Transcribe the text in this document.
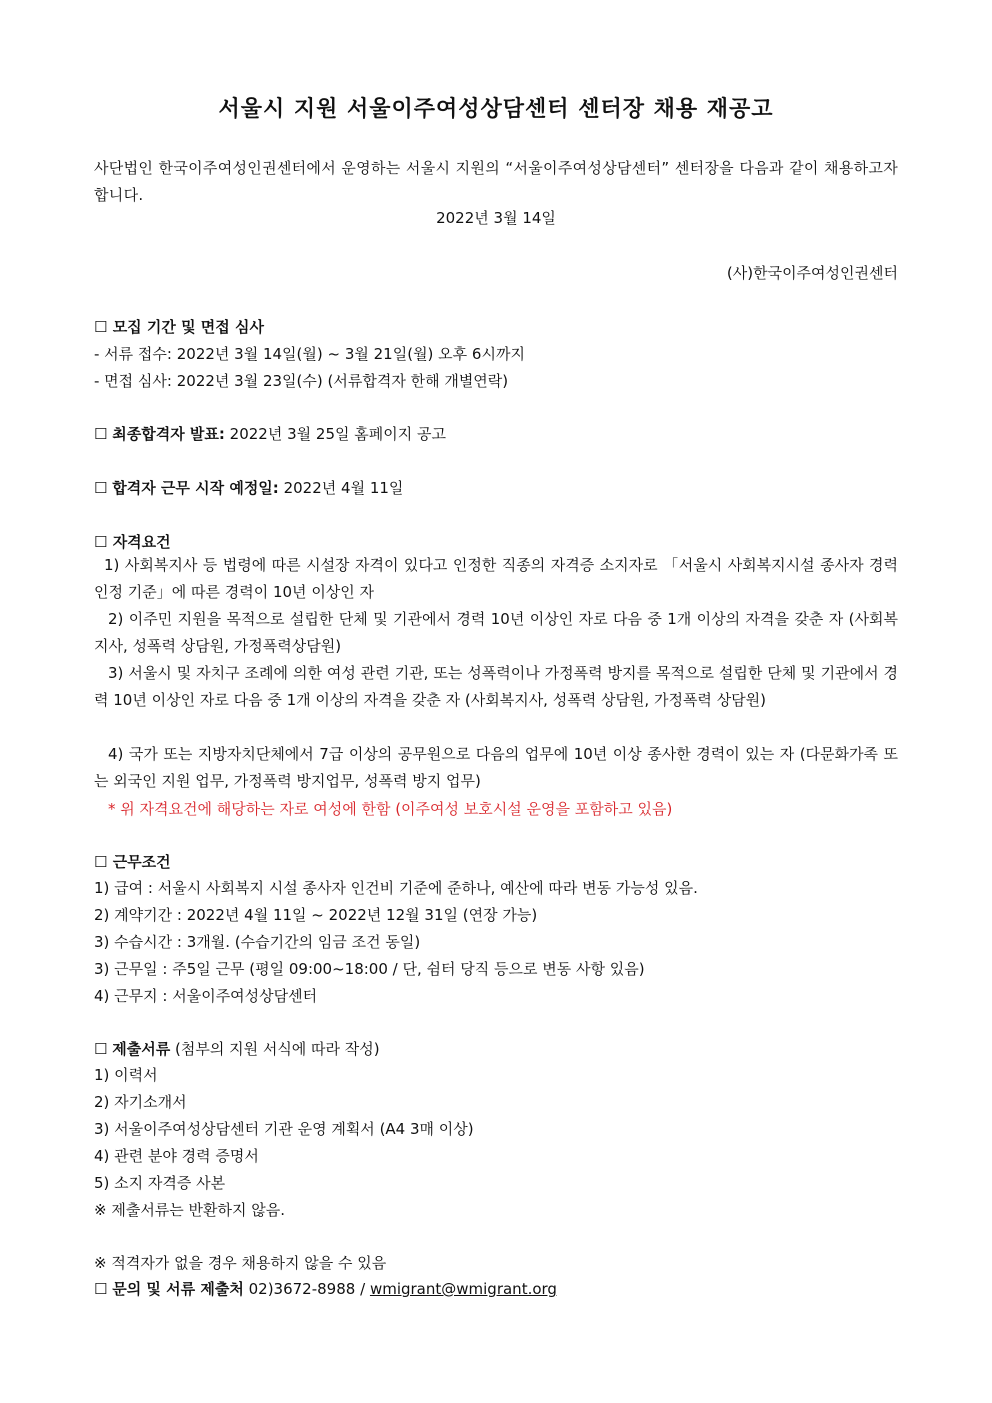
서울시 지원 서울이주여성상담센터 센터장 채용 재공고
사단법인 한국이주여성인권센터에서 운영하는 서울시 지원의 “서울이주여성상담센터” 센터장을 다음과 같이 채용하고자 합니다.
2022년 3월 14일
(사)한국이주여성인권센터
☐ 모집 기간 및 면접 심사
- 서류 접수: 2022년 3월 14일(월) ~ 3월 21일(월) 오후 6시까지
- 면접 심사: 2022년 3월 23일(수) (서류합격자 한해 개별연락)
☐ 최종합격자 발표: 2022년 3월 25일 홈페이지 공고
☐ 합격자 근무 시작 예정일: 2022년 4월 11일
☐ 자격요건
1) 사회복지사 등 법령에 따른 시설장 자격이 있다고 인정한 직종의 자격증 소지자로 「서울시 사회복지시설 종사자 경력인정 기준」에 따른 경력이 10년 이상인 자
2) 이주민 지원을 목적으로 설립한 단체 및 기관에서 경력 10년 이상인 자로 다음 중 1개 이상의 자격을 갖춘 자 (사회복지사, 성폭력 상담원, 가정폭력상담원)
3) 서울시 및 자치구 조례에 의한 여성 관련 기관, 또는 성폭력이나 가정폭력 방지를 목적으로 설립한 단체 및 기관에서 경력 10년 이상인 자로 다음 중 1개 이상의 자격을 갖춘 자 (사회복지사, 성폭력 상담원, 가정폭력 상담원)
4) 국가 또는 지방자치단체에서 7급 이상의 공무원으로 다음의 업무에 10년 이상 종사한 경력이 있는 자 (다문화가족 또는 외국인 지원 업무, 가정폭력 방지업무, 성폭력 방지 업무)
* 위 자격요건에 해당하는 자로 여성에 한함 (이주여성 보호시설 운영을 포함하고 있음)
☐ 근무조건
1) 급여 : 서울시 사회복지 시설 종사자 인건비 기준에 준하나, 예산에 따라 변동 가능성 있음.
2) 계약기간 : 2022년 4월 11일 ~ 2022년 12월 31일 (연장 가능)
3) 수습시간 : 3개월. (수습기간의 임금 조건 동일)
3) 근무일 : 주5일 근무 (평일 09:00~18:00 / 단, 쉼터 당직 등으로 변동 사항 있음)
4) 근무지 : 서울이주여성상담센터
☐ 제출서류 (첨부의 지원 서식에 따라 작성)
1) 이력서
2) 자기소개서
3) 서울이주여성상담센터 기관 운영 계획서 (A4 3매 이상)
4) 관련 분야 경력 증명서
5) 소지 자격증 사본
※ 제출서류는 반환하지 않음.
※ 적격자가 없을 경우 채용하지 않을 수 있음
☐ 문의 및 서류 제출처 02)3672-8988 / wmigrant@wmigrant.org
